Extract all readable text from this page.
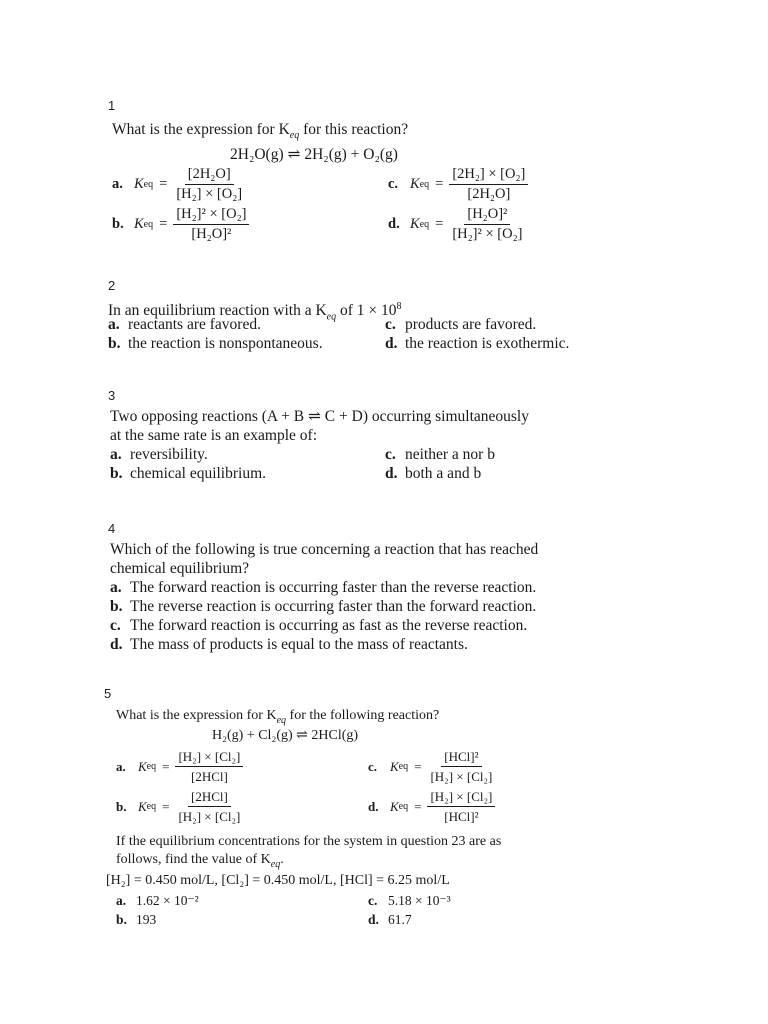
1
What is the expression for $K_{eq}$ for this reaction?
2H₂O(g) ⇌ 2H₂(g) + O₂(g)
a. K eq = $\frac{\text{[2H₂O]}}{\text{[H₂] × [O₂]}}$
b. K eq = $\frac{\text{[H₂]² × [O₂]}}{\text{[H₂O]²}}$
c. K eq = $\frac{\text{[2H₂] × [O₂]}}{\text{[2H₂O]}}$
d. K eq = $\frac{\text{[H₂O]²}}{\text{[H₂]² × [O₂]}}$
2
In an equilibrium reaction with a $K_{eq}$ of $1 \times 10^8$
a. reactants are favored.
b. the reaction is nonspontaneous.
c. products are favored.
d. the reaction is exothermic.
3
Two opposing reactions (A + B ⇌ C + D) occurring simultaneously
at the same rate is an example of:
a. reversibility.
b. chemical equilibrium.
c. neither a nor b
d. both a and b
4
Which of the following is true concerning a reaction that has reached
chemical equilibrium?
a. The forward reaction is occurring faster than the reverse reaction.
b. The reverse reaction is occurring faster than the forward reaction.
c. The forward reaction is occurring as fast as the reverse reaction.
d. The mass of products is equal to the mass of reactants.
5
What is the expression for $K_{eq}$ for the following reaction?
H₂(g) + Cl₂(g) ⇌ 2HCl(g)
a. K eq = $\frac{\text{[H₂] × [Cl₂]}}{\text{[2HCl]}}$
b. K eq = $\frac{\text{[2HCl]}}{\text{[H₂] × [Cl₂]}}$
c. K eq = $\frac{\text{[HCl]²}}{\text{[H₂] × [Cl₂]}}$
d. K eq = $\frac{\text{[H₂] × [Cl₂]}}{\text{[HCl]²}}$
If the equilibrium concentrations for the system in question 23 are as
follows, find the value of $K_{eq}$.
[H₂] = 0.450 mol/L, [Cl₂] = 0.450 mol/L, [HCl] = 6.25 mol/L
a. 1.62 × 10⁻²
b. 193
c. 5.18 × 10⁻³
d. 61.7
